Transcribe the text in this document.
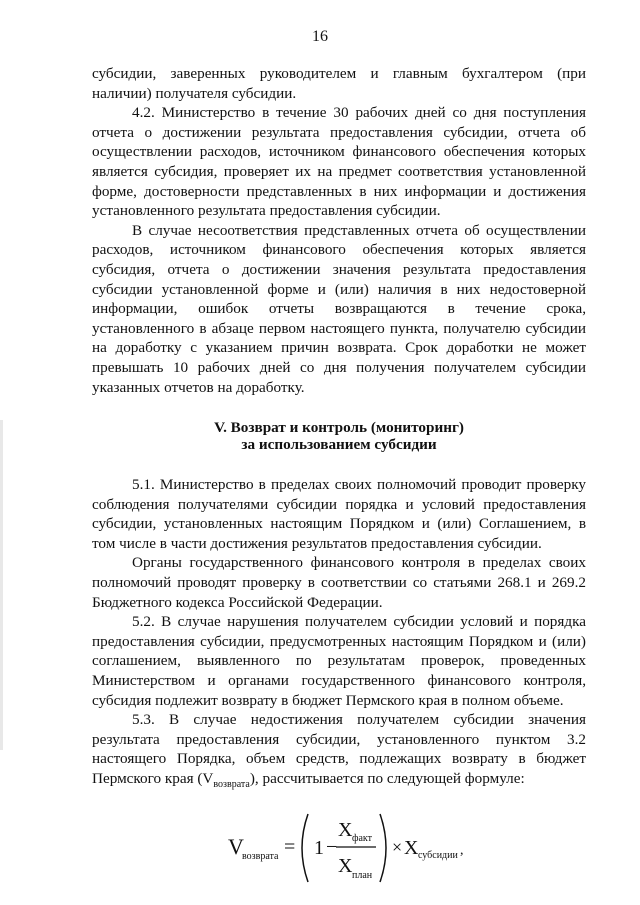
16

субсидии, заверенных руководителем и главным бухгалтером (при наличии) получателя субсидии.

4.2. Министерство в течение 30 рабочих дней со дня поступления отчета о достижении результата предоставления субсидии, отчета об осуществлении расходов, источником финансового обеспечения которых является субсидия, проверяет их на предмет соответствия установленной форме, достоверности представленных в них информации и достижения установленного результата предоставления субсидии.

В случае несоответствия представленных отчета об осуществлении расходов, источником финансового обеспечения которых является субсидия, отчета о достижении значения результата предоставления субсидии установленной форме и (или) наличия в них недостоверной информации, ошибок отчеты возвращаются в течение срока, установленного в абзаце первом настоящего пункта, получателю субсидии на доработку с указанием причин возврата. Срок доработки не может превышать 10 рабочих дней со дня получения получателем субсидии указанных отчетов на доработку.

V. Возврат и контроль (мониторинг)
за использованием субсидии

5.1. Министерство в пределах своих полномочий проводит проверку соблюдения получателями субсидии порядка и условий предоставления субсидии, установленных настоящим Порядком и (или) Соглашением, в том числе в части достижения результатов предоставления субсидии.

Органы государственного финансового контроля в пределах своих полномочий проводят проверку в соответствии со статьями 268.1 и 269.2 Бюджетного кодекса Российской Федерации.

5.2. В случае нарушения получателем субсидии условий и порядка предоставления субсидии, предусмотренных настоящим Порядком и (или) соглашением, выявленного по результатам проверок, проведенных Министерством и органами государственного финансового контроля, субсидия подлежит возврату в бюджет Пермского края в полном объеме.

5.3. В случае недостижения получателем субсидии значения результата предоставления субсидии, установленного пунктом 3.2 настоящего Порядка, объем средств, подлежащих возврату в бюджет Пермского края $(V_{возврата})$, рассчитывается по следующей формуле:

V
возврата = 1 −
X факт
X план
× X субсидии ,
